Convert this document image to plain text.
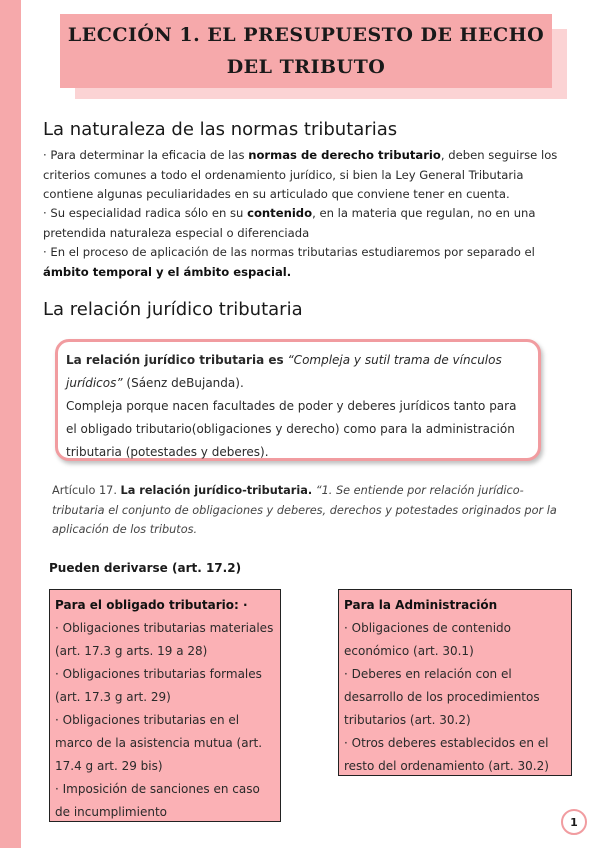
LECCIÓN 1. EL PRESUPUESTO DE HECHO
DEL TRIBUTO
La naturaleza de las normas tributarias

· Para determinar la eficacia de las normas de derecho tributario, deben seguirse los criterios comunes a todo el ordenamiento jurídico, si bien la Ley General Tributaria contiene algunas peculiaridades en su articulado que conviene tener en cuenta.

· Su especialidad radica sólo en su contenido, en la materia que regulan, no en una pretendida naturaleza especial o diferenciada

· En el proceso de aplicación de las normas tributarias estudiaremos por separado el ámbito temporal y el ámbito espacial.

La relación jurídico tributaria

La relación jurídico tributaria es “Compleja y sutil trama de vínculos jurídicos” (Sáenz deBujanda).

Compleja porque nacen facultades de poder y deberes jurídicos tanto para el obligado tributario(obligaciones y derecho) como para la administración tributaria (potestades y deberes).

Artículo 17. La relación jurídico-tributaria. “1. Se entiende por relación jurídico-tributaria el conjunto de obligaciones y deberes, derechos y potestades originados por la aplicación de los tributos.

Pueden derivarse (art. 17.2)

Para el obligado tributario: ·
· Obligaciones tributarias materiales (art. 17.3 g arts. 19 a 28)
· Obligaciones tributarias formales (art. 17.3 g art. 29)
· Obligaciones tributarias en el marco de la asistencia mutua (art. 17.4 g art. 29 bis)
· Imposición de sanciones en caso de incumplimiento
Para la Administración
· Obligaciones de contenido económico (art. 30.1)
· Deberes en relación con el desarrollo de los procedimientos tributarios (art. 30.2)
· Otros deberes establecidos en el resto del ordenamiento (art. 30.2)
1
